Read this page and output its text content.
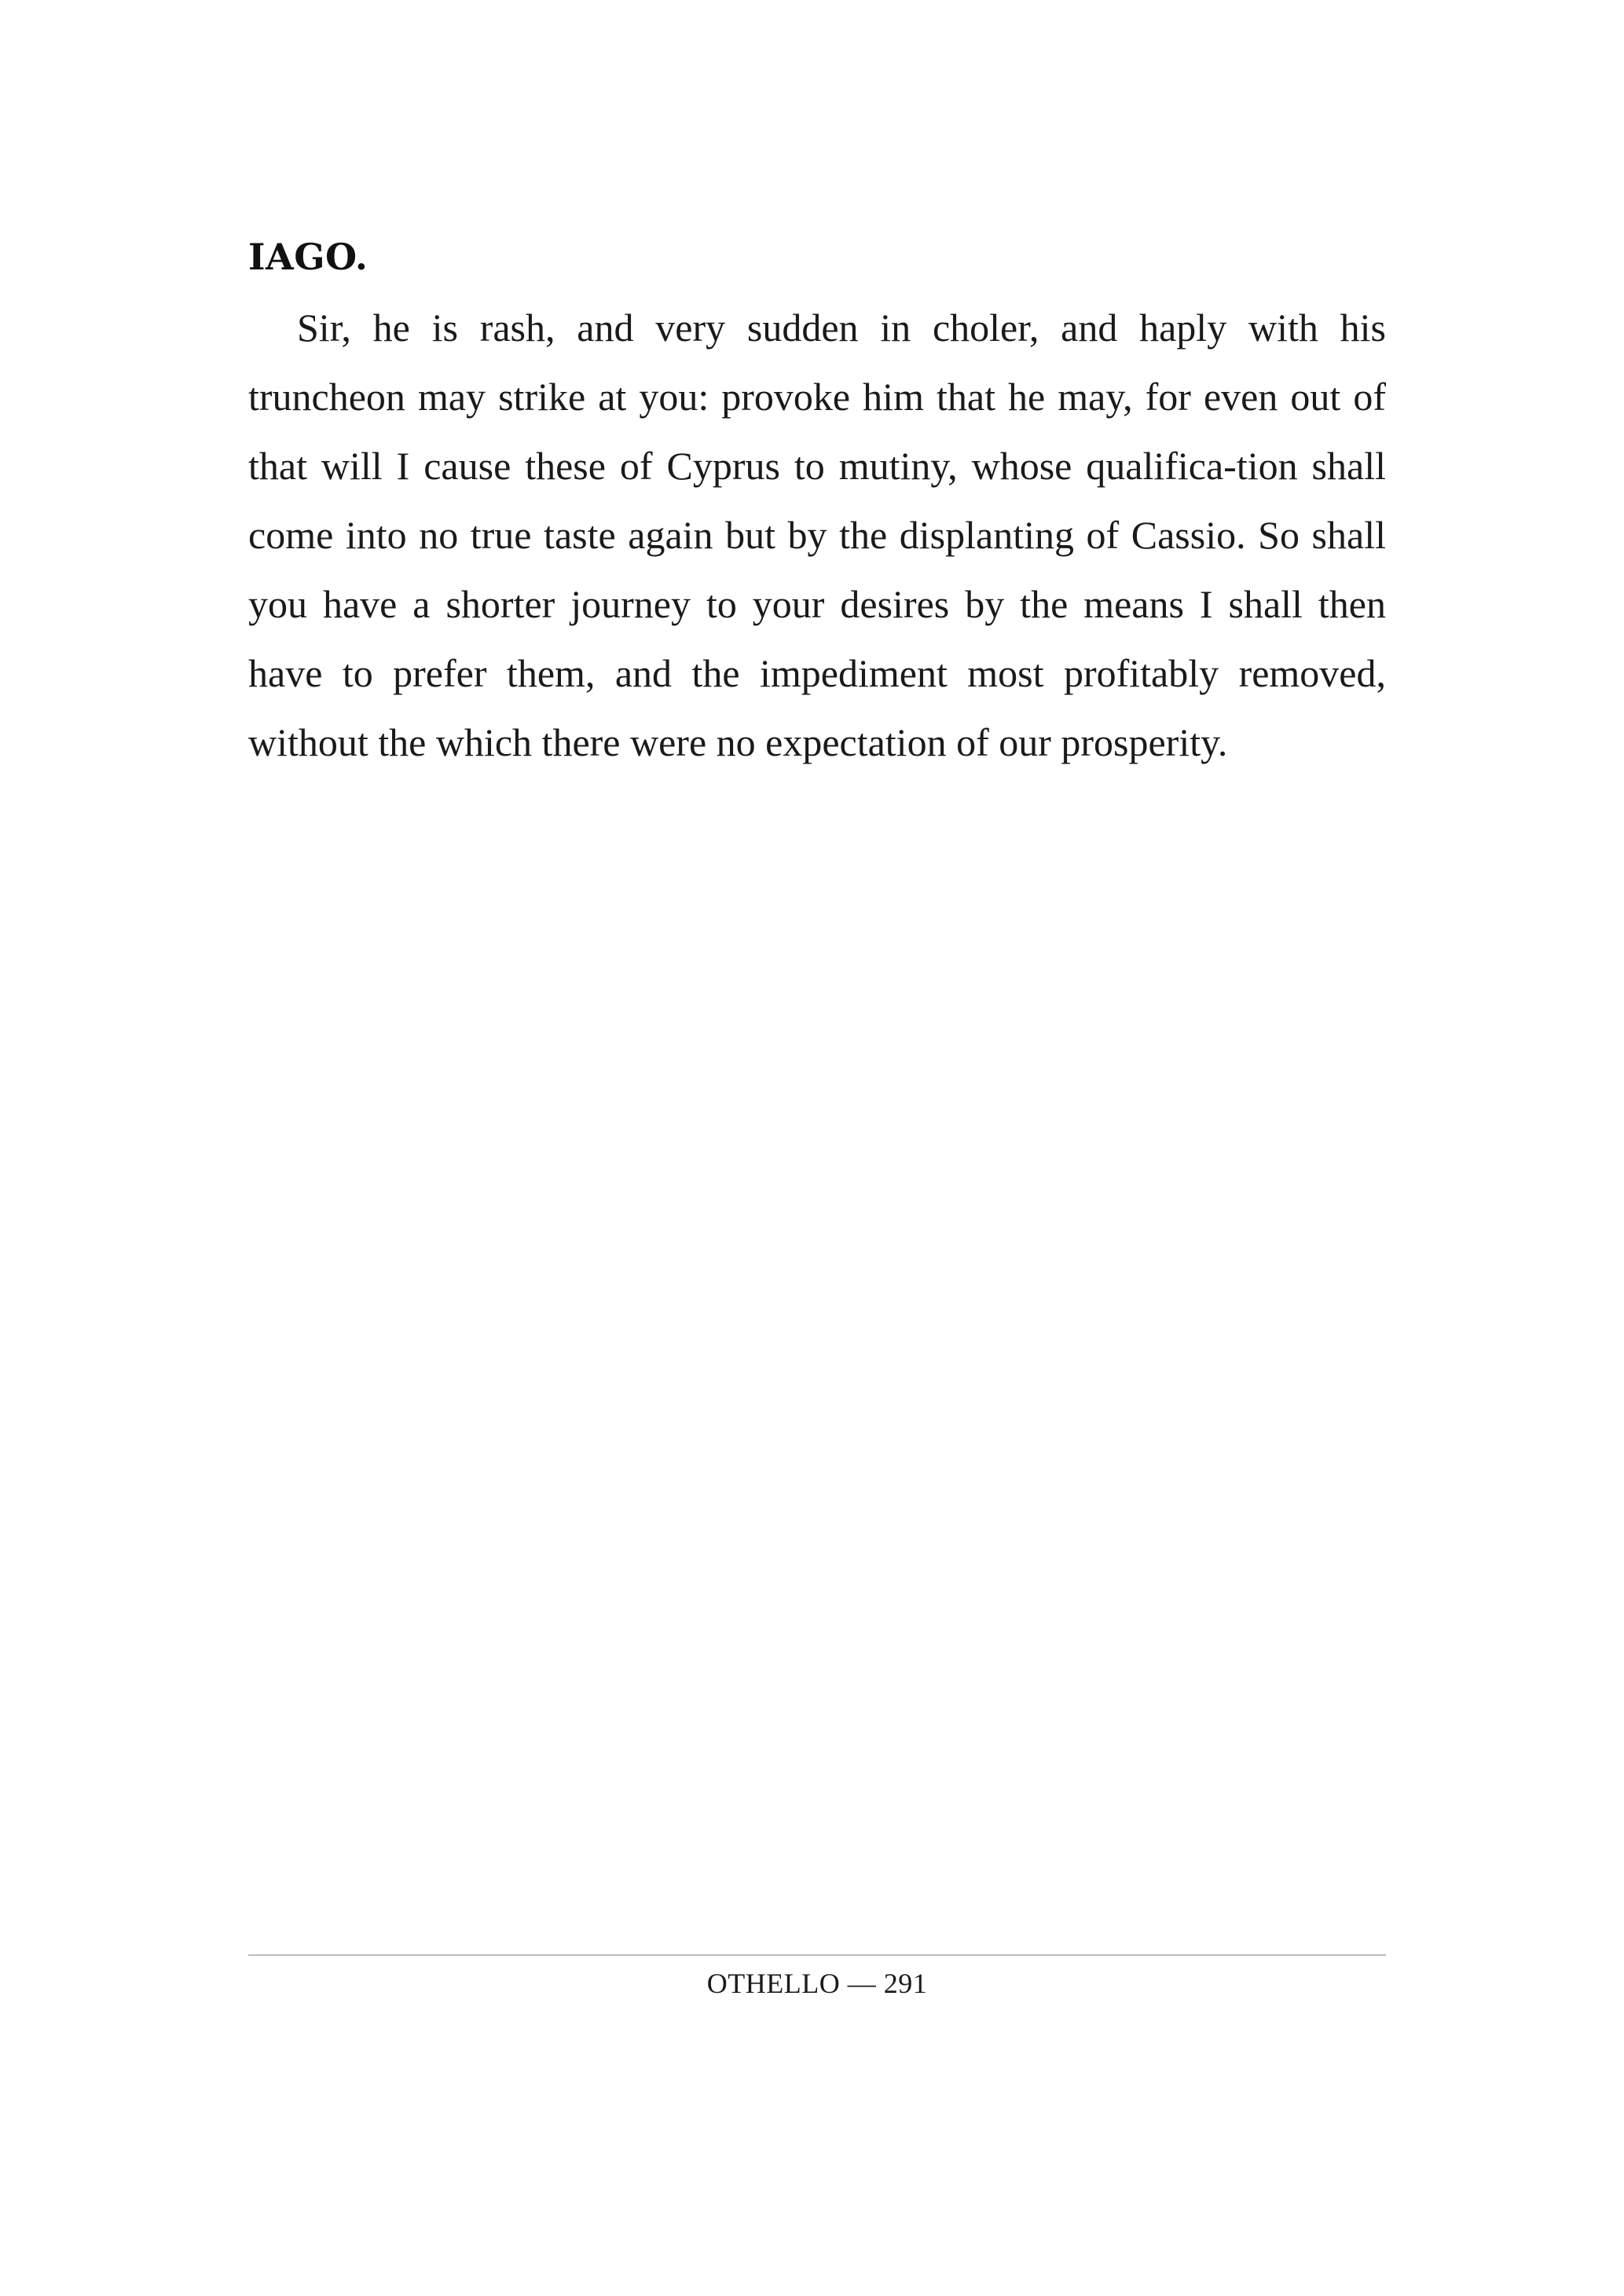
IAGO.

Sir, he is rash, and very sudden in choler, and haply with his truncheon may strike at you: provoke him that he may, for even out of that will I cause these of Cyprus to mutiny, whose qualifica-tion shall come into no true taste again but by the displanting of Cassio. So shall you have a shorter journey to your desires by the means I shall then have to prefer them, and the impediment most profitably removed, without the which there were no expectation of our prosperity.

OTHELLO — 291
